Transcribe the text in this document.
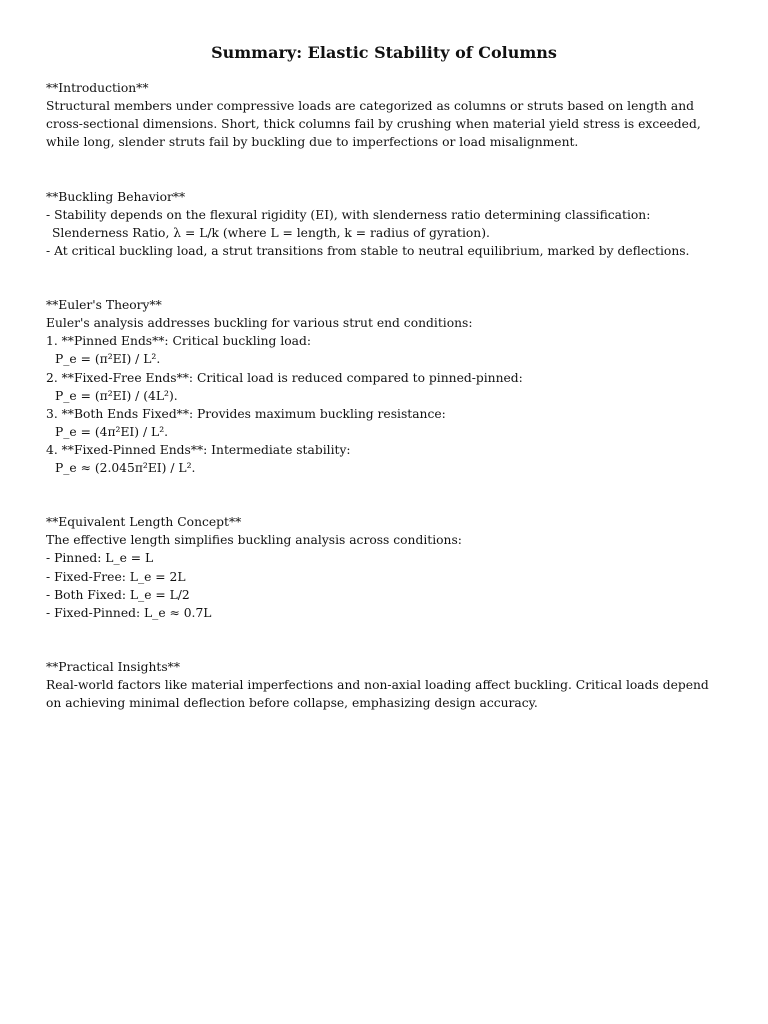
Summary: Elastic Stability of Columns
**Introduction**
Structural members under compressive loads are categorized as columns or struts based on length and cross-sectional dimensions. Short, thick columns fail by crushing when material yield stress is exceeded, while long, slender struts fail by buckling due to imperfections or load misalignment.
**Buckling Behavior**
- Stability depends on the flexural rigidity (EI), with slenderness ratio determining classification:
Slenderness Ratio, λ = L/k (where L = length, k = radius of gyration).
- At critical buckling load, a strut transitions from stable to neutral equilibrium, marked by deflections.
**Euler's Theory**
Euler's analysis addresses buckling for various strut end conditions:
1. **Pinned Ends**: Critical buckling load:
P_e = (π²EI) / L².
2. **Fixed-Free Ends**: Critical load is reduced compared to pinned-pinned:
P_e = (π²EI) / (4L²).
3. **Both Ends Fixed**: Provides maximum buckling resistance:
P_e = (4π²EI) / L².
4. **Fixed-Pinned Ends**: Intermediate stability:
P_e ≈ (2.045π²EI) / L².
**Equivalent Length Concept**
The effective length simplifies buckling analysis across conditions:
- Pinned: L_e = L
- Fixed-Free: L_e = 2L
- Both Fixed: L_e = L/2
- Fixed-Pinned: L_e ≈ 0.7L
**Practical Insights**
Real-world factors like material imperfections and non-axial loading affect buckling. Critical loads depend on achieving minimal deflection before collapse, emphasizing design accuracy.
